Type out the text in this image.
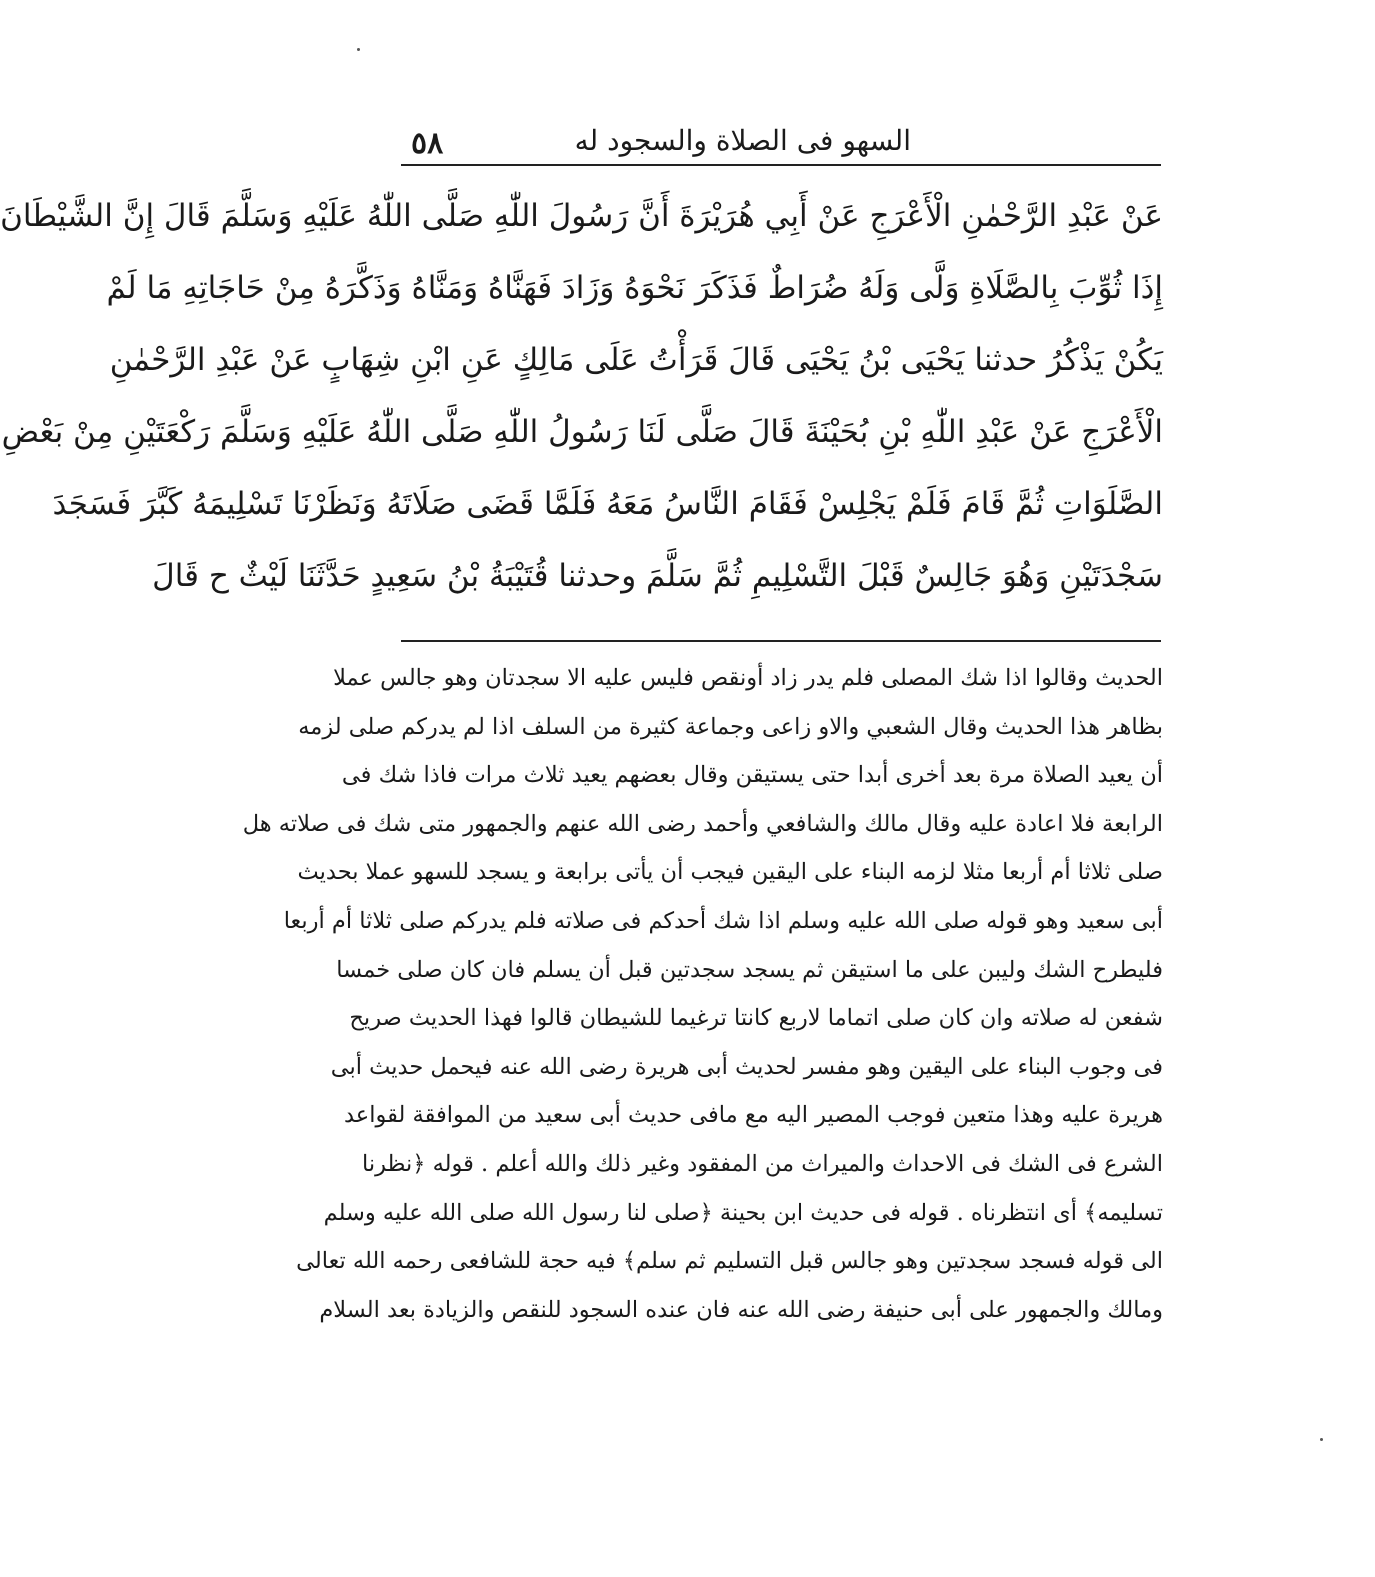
٥٨	السهو فى الصلاة والسجود له
عَنْ عَبْدِ الرَّحْمٰنِ الْأَعْرَجِ عَنْ أَبِي هُرَيْرَةَ أَنَّ رَسُولَ اللّٰهِ صَلَّى اللّٰهُ عَلَيْهِ وَسَلَّمَ قَالَ إِنَّ الشَّيْطَانَ
إِذَا ثُوِّبَ بِالصَّلَاةِ وَلَّى وَلَهُ ضُرَاطٌ فَذَكَرَ نَحْوَهُ وَزَادَ فَهَنَّاهُ وَمَنَّاهُ وَذَكَّرَهُ مِنْ حَاجَاتِهِ مَا لَمْ
يَكُنْ يَذْكُرُ حدثنا يَحْيَى بْنُ يَحْيَى قَالَ قَرَأْتُ عَلَى مَالِكٍ عَنِ ابْنِ شِهَابٍ عَنْ عَبْدِ الرَّحْمٰنِ
الْأَعْرَجِ عَنْ عَبْدِ اللّٰهِ بْنِ بُحَيْنَةَ قَالَ صَلَّى لَنَا رَسُولُ اللّٰهِ صَلَّى اللّٰهُ عَلَيْهِ وَسَلَّمَ رَكْعَتَيْنِ مِنْ بَعْضِ
الصَّلَوَاتِ ثُمَّ قَامَ فَلَمْ يَجْلِسْ فَقَامَ النَّاسُ مَعَهُ فَلَمَّا قَضَى صَلَاتَهُ وَنَظَرْنَا تَسْلِيمَهُ كَبَّرَ فَسَجَدَ
سَجْدَتَيْنِ وَهُوَ جَالِسٌ قَبْلَ التَّسْلِيمِ ثُمَّ سَلَّمَ وحدثنا قُتَيْبَةُ بْنُ سَعِيدٍ حَدَّثَنَا لَيْثٌ ح قَالَ
الحديث وقالوا اذا شك المصلى فلم يدر زاد أونقص فليس عليه الا سجدتان وهو جالس عملا
بظاهر هذا الحديث وقال الشعبي والاو زاعى وجماعة كثيرة من السلف اذا لم يدركم صلى لزمه
أن يعيد الصلاة مرة بعد أخرى أبدا حتى يستيقن وقال بعضهم يعيد ثلاث مرات فاذا شك فى
الرابعة فلا اعادة عليه وقال مالك والشافعي وأحمد رضى الله عنهم والجمهور متى شك فى صلاته هل
صلى ثلاثا أم أربعا مثلا لزمه البناء على اليقين فيجب أن يأتى برابعة و يسجد للسهو عملا بحديث
أبى سعيد وهو قوله صلى الله عليه وسلم اذا شك أحدكم فى صلاته فلم يدركم صلى ثلاثا أم أربعا
فليطرح الشك وليبن على ما استيقن ثم يسجد سجدتين قبل أن يسلم فان كان صلى خمسا
شفعن له صلاته وان كان صلى اتماما لاربع كانتا ترغيما للشيطان قالوا فهذا الحديث صريح
فى وجوب البناء على اليقين وهو مفسر لحديث أبى هريرة رضى الله عنه فيحمل حديث أبى
هريرة عليه وهذا متعين فوجب المصير اليه مع مافى حديث أبى سعيد من الموافقة لقواعد
الشرع فى الشك فى الاحداث والميراث من المفقود وغير ذلك والله أعلم . قوله ﴿نظرنا
تسليمه﴾ أى انتظرناه . قوله فى حديث ابن بحينة ﴿صلى لنا رسول الله صلى الله عليه وسلم
الى قوله فسجد سجدتين وهو جالس قبل التسليم ثم سلم﴾ فيه حجة للشافعى رحمه الله تعالى
ومالك والجمهور على أبى حنيفة رضى الله عنه فان عنده السجود للنقص والزيادة بعد السلام
